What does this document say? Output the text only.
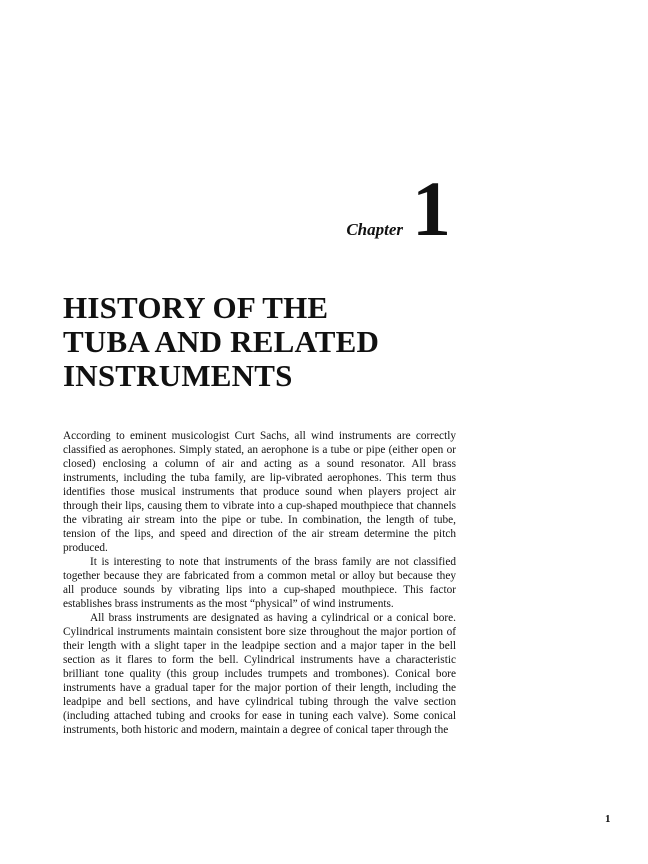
Chapter 1
HISTORY OF THE
TUBA AND RELATED
INSTRUMENTS

According to eminent musicologist Curt Sachs, all wind instruments are correctly classified as aerophones. Simply stated, an aerophone is a tube or pipe (either open or closed) enclosing a column of air and acting as a sound resonator. All brass instruments, including the tuba family, are lip-vibrated aerophones. This term thus identifies those musical instruments that produce sound when players project air through their lips, causing them to vibrate into a cup-shaped mouthpiece that channels the vibrating air stream into the pipe or tube. In combination, the length of tube, tension of the lips, and speed and direction of the air stream determine the pitch produced.

It is interesting to note that instruments of the brass family are not classified together because they are fabricated from a common metal or alloy but because they all produce sounds by vibrating lips into a cup-shaped mouthpiece. This factor establishes brass instruments as the most “physical” of wind instruments.

All brass instruments are designated as having a cylindrical or a conical bore. Cylindrical instruments maintain consistent bore size throughout the major portion of their length with a slight taper in the leadpipe section and a major taper in the bell section as it flares to form the bell. Cylindrical instruments have a characteristic brilliant tone quality (this group includes trumpets and trombones). Conical bore instruments have a gradual taper for the major portion of their length, including the leadpipe and bell sections, and have cylindrical tubing through the valve section (including attached tubing and crooks for ease in tuning each valve). Some conical instruments, both historic and modern, maintain a degree of conical taper through the

1
